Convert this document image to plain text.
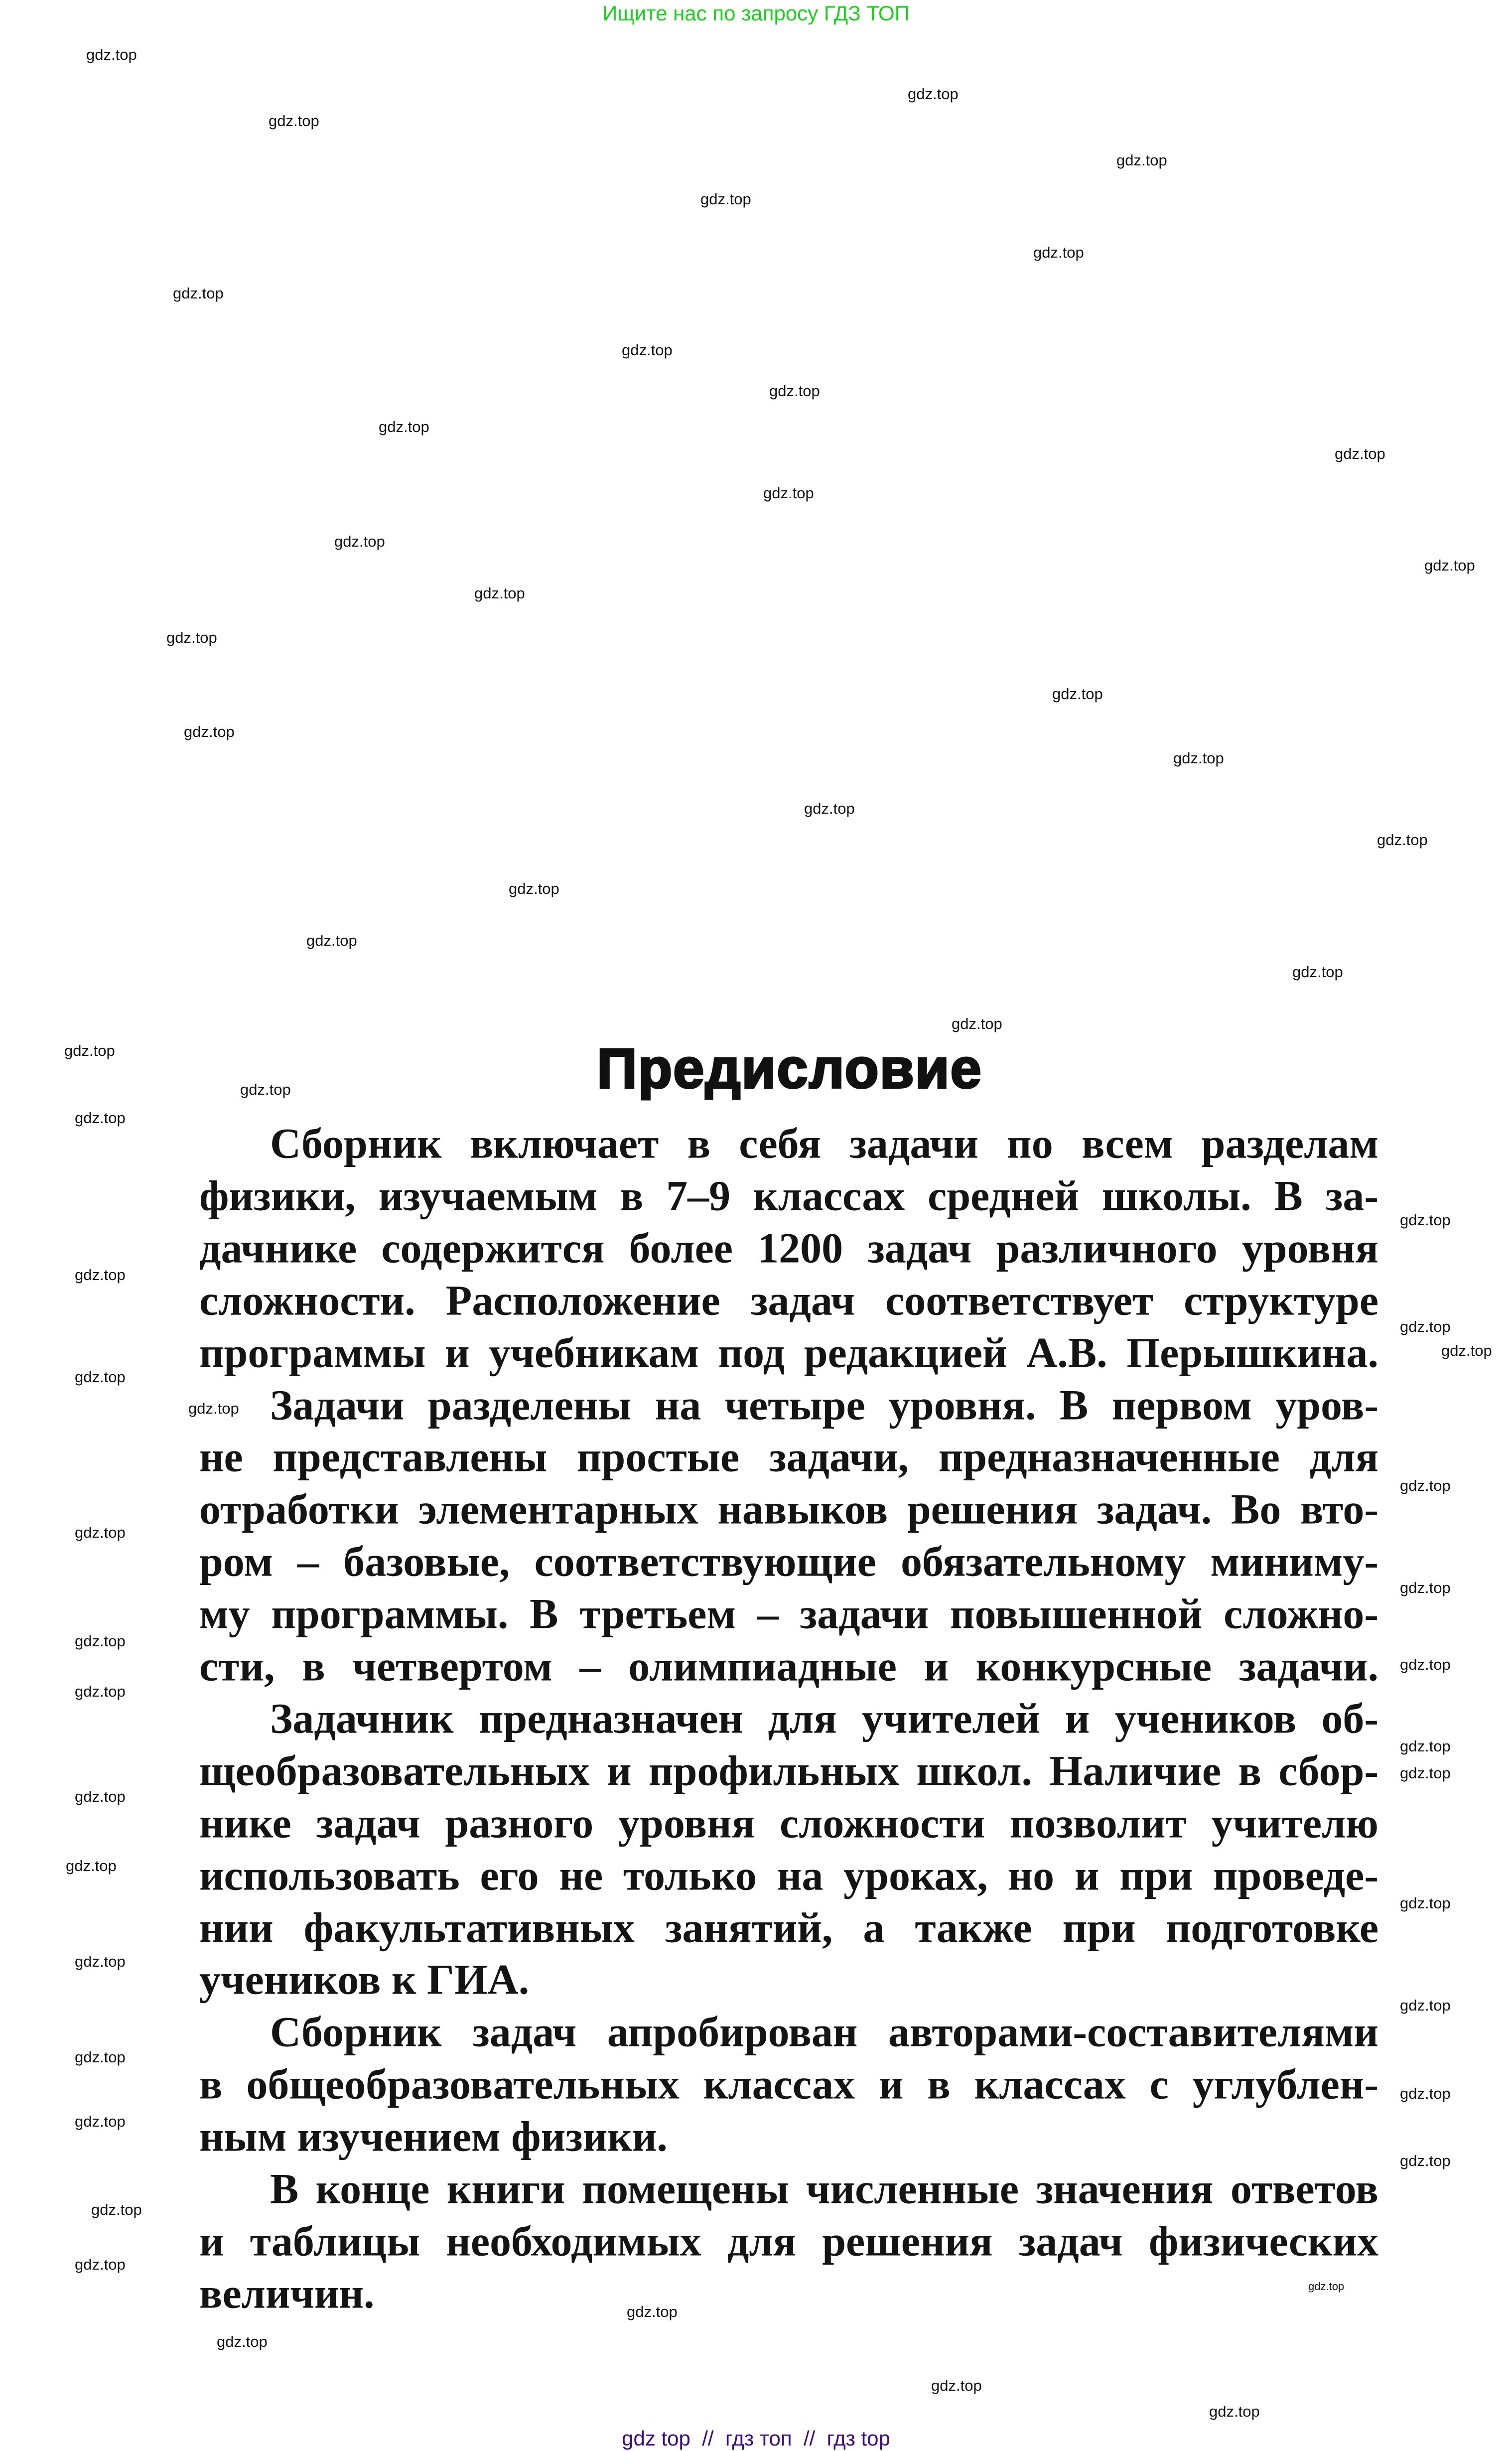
Ищите нас по запросу ГДЗ ТОП
Предисловие
Сборник включает в себя задачи по всем разделам
физики, изучаемым в 7–9 классах средней школы. В за-
дачнике содержится более 1200 задач различного уровня
сложности. Расположение задач соответствует структуре
программы и учебникам под редакцией А.В. Перышкина.
Задачи разделены на четыре уровня. В первом уров-
не представлены простые задачи, предназначенные для
отработки элементарных навыков решения задач. Во вто-
ром – базовые, соответствующие обязательному миниму-
му программы. В третьем – задачи повышенной сложно-
сти, в четвертом – олимпиадные и конкурсные задачи.
Задачник предназначен для учителей и учеников об-
щеобразовательных и профильных школ. Наличие в сбор-
нике задач разного уровня сложности позволит учителю
использовать его не только на уроках, но и при проведе-
нии факультативных занятий, а также при подготовке
учеников к ГИА.
Сборник задач апробирован авторами-составителями
в общеобразовательных классах и в классах с углублен-
ным изучением физики.
В конце книги помещены численные значения ответов
и таблицы необходимых для решения задач физических
величин.
gdz.top
gdz.top
gdz.top
gdz.top
gdz.top
gdz.top
gdz.top
gdz.top
gdz.top
gdz.top
gdz.top
gdz.top
gdz.top
gdz.top
gdz.top
gdz.top
gdz.top
gdz.top
gdz.top
gdz.top
gdz.top
gdz.top
gdz.top
gdz.top
gdz.top
gdz.top
gdz.top
gdz.top
gdz.top
gdz.top
gdz.top
gdz.top
gdz.top
gdz.top
gdz.top
gdz.top
gdz.top
gdz.top
gdz.top
gdz.top
gdz.top
gdz.top
gdz.top
gdz.top
gdz.top
gdz.top
gdz.top
gdz.top
gdz.top
gdz.top
gdz.top
gdz.top
gdz.top
gdz.top
gdz.top
gdz.top
gdz.top
gdz.top
gdz top  //  гдз топ  //  гдз top
